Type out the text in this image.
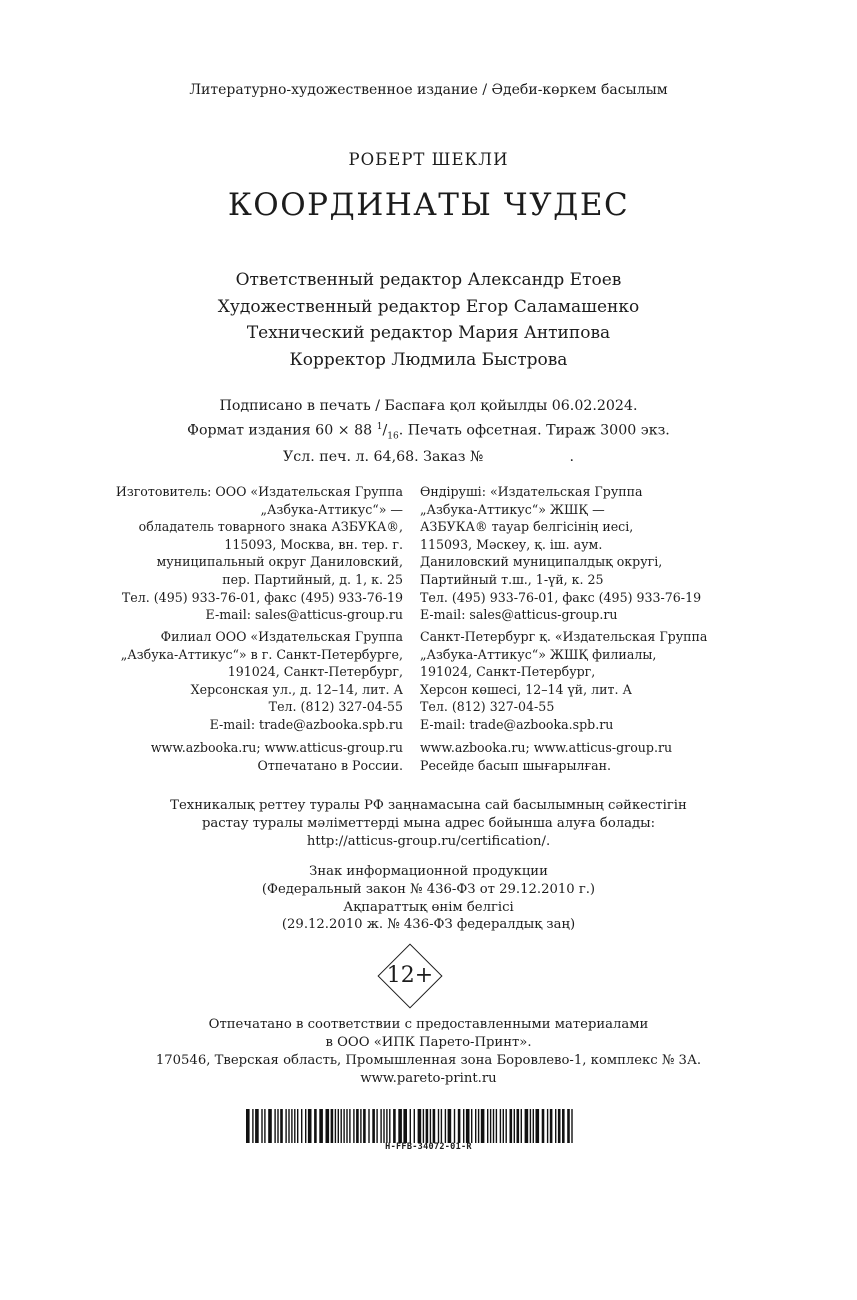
Литературно-художественное издание / Әдеби-көркем басылым
РОБЕРТ ШЕКЛИ
КООРДИНАТЫ ЧУДЕС
Ответственный редактор Александр Етоев
Художественный редактор Егор Саламашенко
Технический редактор Мария Антипова
Корректор Людмила Быстрова
Подписано в печать / Баспаға қол қойылды 06.02.2024.
Формат издания 60 × 88 $^1/_{16}$. Печать офсетная. Тираж 3000 экз.
Усл. печ. л. 64,68. Заказ №	.
Изготовитель: ООО «Издательская Группа
„Азбука-Аттикус“» —
обладатель товарного знака АЗБУКА®,
115093, Москва, вн. тер. г.
муниципальный округ Даниловский,
пер. Партийный, д. 1, к. 25
Тел. (495) 933-76-01, факс (495) 933-76-19
E-mail: sales@atticus-group.ru
Өндіруші: «Издательская Группа
„Азбука-Аттикус“» ЖШҚ —
АЗБУКА® тауар белгісінің иесі,
115093, Мәскеу, қ. іш. аум.
Даниловский муниципалдық округі,
Партийный т.ш., 1-үй, к. 25
Тел. (495) 933-76-01, факс (495) 933-76-19
E-mail: sales@atticus-group.ru
Филиал ООО «Издательская Группа
„Азбука-Аттикус“» в г. Санкт-Петербурге,
191024, Санкт-Петербург,
Херсонская ул., д. 12–14, лит. А
Тел. (812) 327-04-55
E-mail: trade@azbooka.spb.ru
Санкт-Петербург қ. «Издательская Группа
„Азбука-Аттикус“» ЖШҚ филиалы,
191024, Санкт-Петербург,
Херсон көшесі, 12–14 үй, лит. А
Тел. (812) 327-04-55
E-mail: trade@azbooka.spb.ru
www.azbooka.ru; www.atticus-group.ru
Отпечатано в России.
www.azbooka.ru; www.atticus-group.ru
Ресейде басып шығарылған.
Техникалық реттеу туралы РФ заңнамасына сай басылымның сәйкестігін
растау туралы мәліметтерді мына адрес бойынша алуға болады:
http://atticus-group.ru/certification/.
Знак информационной продукции
(Федеральный закон № 436-ФЗ от 29.12.2010 г.)
Ақпараттық өнім белгісі
(29.12.2010 ж. № 436-ФЗ федералдық заң)
12+
Отпечатано в соответствии с предоставленными материалами
в ООО «ИПК Парето-Принт».
170546, Тверская область, Промышленная зона Боровлево-1, комплекс № 3А.
www.pareto-print.ru
H-FFB-34072-01-R
